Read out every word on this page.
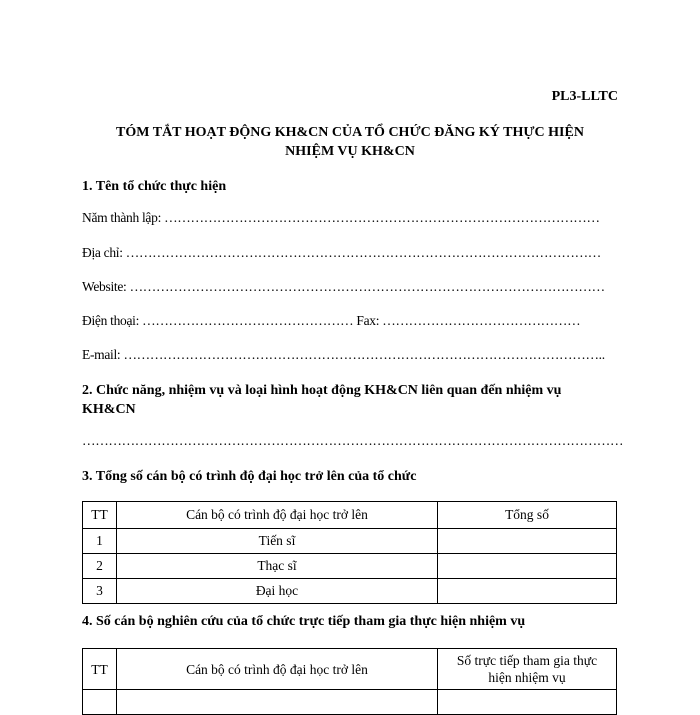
PL3-LLTC
TÓM TẮT HOẠT ĐỘNG KH&CN CỦA TỔ CHỨC ĐĂNG KÝ THỰC HIỆN
NHIỆM VỤ KH&CN
1. Tên tổ chức thực hiện
Năm thành lập: ………………………………………………………………………………………
Địa chỉ: ………………………………………………………………………………………………
Website: ………………………………………………………………………………………………
Điện thoại: ………………………………………… Fax: ………………………………………
E-mail: ………………………………………………………………………………………………..
2. Chức năng, nhiệm vụ và loại hình hoạt động KH&CN liên quan đến nhiệm vụ
KH&CN
……………………………………………………………………………………………………………
3. Tổng số cán bộ có trình độ đại học trở lên của tổ chức
TT	Cán bộ có trình độ đại học trở lên	Tổng số
1	Tiến sĩ	
2	Thạc sĩ	
3	Đại học	
4. Số cán bộ nghiên cứu của tổ chức trực tiếp tham gia thực hiện nhiệm vụ
TT	Cán bộ có trình độ đại học trở lên	Số trực tiếp tham gia thực hiện nhiệm vụ
